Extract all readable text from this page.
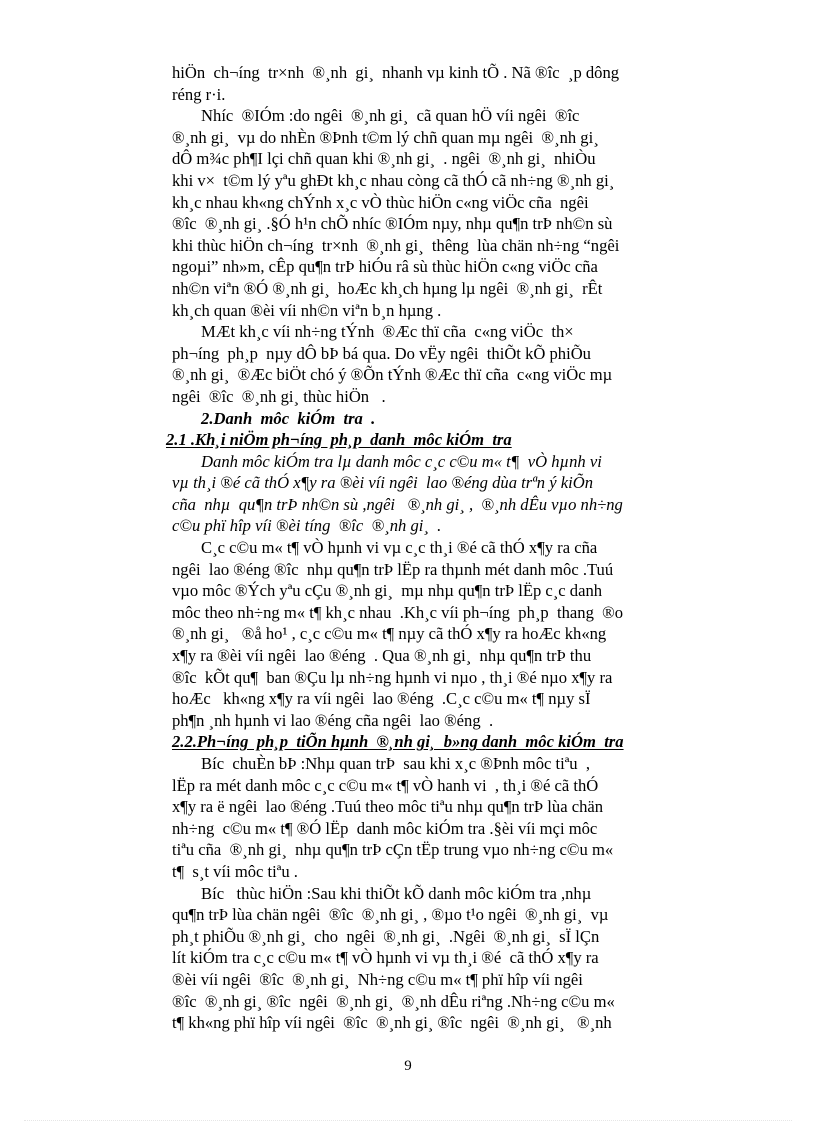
hiÖn  ch¬íng  tr×nh  ®¸nh  gi¸  nhanh vµ kinh tÕ . Nã ®îc  ¸p dông
réng r·i.
Nhíc  ®IÓm :do ngêi  ®¸nh gi¸  cã quan hÖ víi ngêi  ®îc
®¸nh gi¸  vµ do nhÈn ®Þnh t©m lý chñ quan mµ ngêi  ®¸nh gi¸
dÔ m¾c ph¶I lçi chñ quan khi ®¸nh gi¸  . ngêi  ®¸nh gi¸  nhiÒu
khi v×  t©m lý yªu ghÐt kh¸c nhau còng cã thÓ cã nh÷ng ®¸nh gi¸
kh¸c nhau kh«ng chÝnh x¸c vÒ thùc hiÖn c«ng viÖc cña  ngêi
®îc  ®¸nh gi¸ .§Ó h¹n chÕ nhíc ®IÓm nµy, nhµ qu¶n trÞ nh©n sù
khi thùc hiÖn ch¬íng  tr×nh  ®¸nh gi¸  thêng  lùa chän nh÷ng “ngêi
ngoµi” nh»m, cÊp qu¶n trÞ hiÓu râ sù thùc hiÖn c«ng viÖc cña
nh©n viªn ®Ó ®¸nh gi¸  hoÆc kh¸ch hµng lµ ngêi  ®¸nh gi¸  rÊt
kh¸ch quan ®èi víi nh©n viªn b¸n hµng .
MÆt kh¸c víi nh÷ng tÝnh  ®Æc thï cña  c«ng viÖc  th×
ph¬íng  ph¸p  nµy dÔ bÞ bá qua. Do vËy ngêi  thiÕt kÕ phiÕu
®¸nh gi¸  ®Æc biÖt chó ý ®Õn tÝnh ®Æc thï cña  c«ng viÖc mµ
ngêi  ®îc  ®¸nh gi¸ thùc hiÖn   .
2.Danh  môc  kiÓm  tra  .
2.1 .Kh¸i niÖm ph¬íng  ph¸p  danh  môc kiÓm  tra
Danh môc kiÓm tra lµ danh môc c¸c c©u m« t¶  vÒ hµnh vi
vµ th¸i ®é cã thÓ x¶y ra ®èi víi ngêi  lao ®éng dùa trªn ý kiÕn
cña  nhµ  qu¶n trÞ nh©n sù ,ngêi   ®¸nh gi¸ ,  ®¸nh dÊu vµo nh÷ng
c©u phï hîp víi ®èi tíng  ®îc  ®¸nh gi¸  .
C¸c c©u m« t¶ vÒ hµnh vi vµ c¸c th¸i ®é cã thÓ x¶y ra cña
ngêi  lao ®éng ®îc  nhµ qu¶n trÞ lËp ra thµnh mét danh môc .Tuú
vµo môc ®Ých yªu cÇu ®¸nh gi¸  mµ nhµ qu¶n trÞ lËp c¸c danh
môc theo nh÷ng m« t¶ kh¸c nhau  .Kh¸c víi ph¬íng  ph¸p  thang  ®o
®¸nh gi¸   ®å ho¹ , c¸c c©u m« t¶ nµy cã thÓ x¶y ra hoÆc kh«ng
x¶y ra ®èi víi ngêi  lao ®éng  . Qua ®¸nh gi¸  nhµ qu¶n trÞ thu
®îc  kÕt qu¶  ban ®Çu lµ nh÷ng hµnh vi nµo , th¸i ®é nµo x¶y ra
hoÆc   kh«ng x¶y ra víi ngêi  lao ®éng  .C¸c c©u m« t¶ nµy sÏ
ph¶n ¸nh hµnh vi lao ®éng cña ngêi  lao ®éng  .
2.2.Ph¬íng  ph¸p  tiÕn hµnh  ®¸nh gi¸  b»ng danh  môc kiÓm  tra
Bíc  chuÈn bÞ :Nhµ quan trÞ  sau khi x¸c ®Þnh môc tiªu  ,
lËp ra mét danh môc c¸c c©u m« t¶ vÒ hanh vi  , th¸i ®é cã thÓ
x¶y ra ë ngêi  lao ®éng .Tuú theo môc tiªu nhµ qu¶n trÞ lùa chän
nh÷ng  c©u m« t¶ ®Ó lËp  danh môc kiÓm tra .§èi víi mçi môc
tiªu cña  ®¸nh gi¸  nhµ qu¶n trÞ cÇn tËp trung vµo nh÷ng c©u m«
t¶  s¸t víi môc tiªu .
Bíc   thùc hiÖn :Sau khi thiÕt kÕ danh môc kiÓm tra ,nhµ
qu¶n trÞ lùa chän ngêi  ®îc  ®¸nh gi¸ , ®µo t¹o ngêi  ®¸nh gi¸  vµ
ph¸t phiÕu ®¸nh gi¸  cho  ngêi  ®¸nh gi¸  .Ngêi  ®¸nh gi¸  sÏ lÇn
lít kiÓm tra c¸c c©u m« t¶ vÒ hµnh vi vµ th¸i ®é  cã thÓ x¶y ra
®èi víi ngêi  ®îc  ®¸nh gi¸  Nh÷ng c©u m« t¶ phï hîp víi ngêi
®îc  ®¸nh gi¸ ®îc  ngêi  ®¸nh gi¸  ®¸nh dÊu riªng .Nh÷ng c©u m«
t¶ kh«ng phï hîp víi ngêi  ®îc  ®¸nh gi¸ ®îc  ngêi  ®¸nh gi¸   ®¸nh
9
